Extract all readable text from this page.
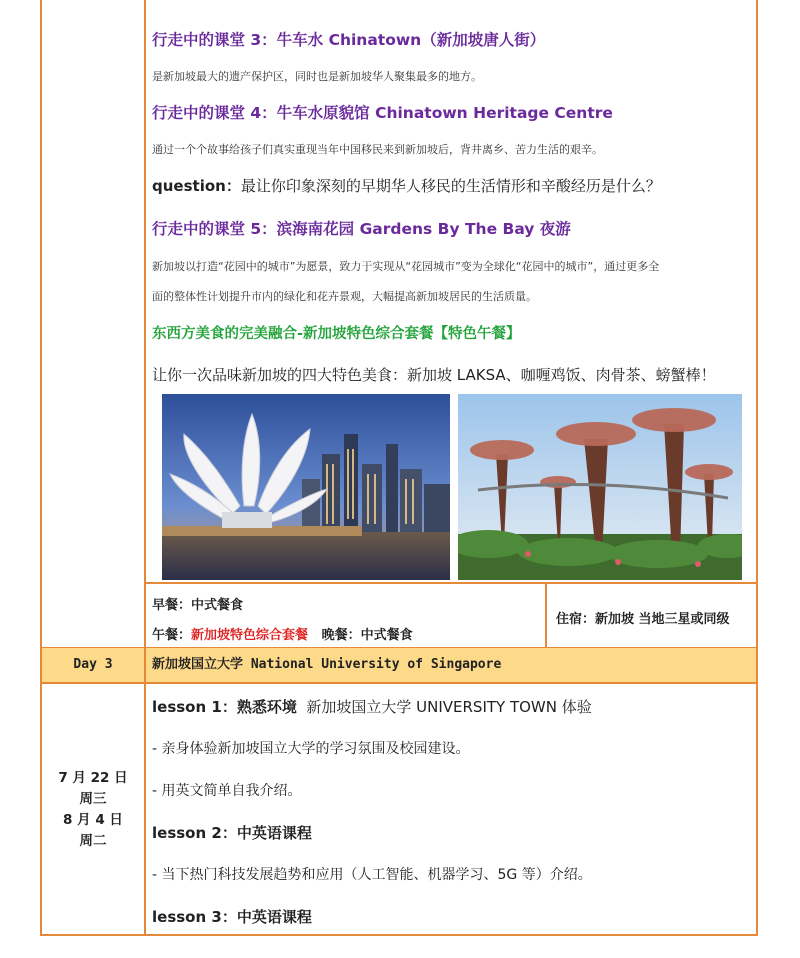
行走中的课堂 3：牛车水 Chinatown（新加坡唐人街）
是新加坡最大的遗产保护区，同时也是新加坡华人聚集最多的地方。
行走中的课堂 4：牛车水原貌馆 Chinatown Heritage Centre
通过一个个故事给孩子们真实重现当年中国移民来到新加坡后，背井离乡、苦力生活的艰辛。
question：最让你印象深刻的早期华人移民的生活情形和辛酸经历是什么？
行走中的课堂 5：滨海南花园 Gardens By The Bay 夜游
新加坡以打造“花园中的城市”为愿景，致力于实现从“花园城市”变为全球化“花园中的城市”，通过更多全
面的整体性计划提升市内的绿化和花卉景观，大幅提高新加坡居民的生活质量。
东西方美食的完美融合-新加坡特色综合套餐【特色午餐】
让你一次品味新加坡的四大特色美食：新加坡 LAKSA、咖喱鸡饭、肉骨茶、螃蟹棒！
早餐：中式餐食
午餐：新加坡特色综合套餐 晚餐：中式餐食
住宿：新加坡 当地三星或同级
Day 3	新加坡国立大学 National University of Singapore
7 月 22 日
周三
8 月 4 日
周二
lesson 1：熟悉环境 新加坡国立大学 UNIVERSITY TOWN 体验
- 亲身体验新加坡国立大学的学习氛围及校园建设。
- 用英文简单自我介绍。
lesson 2：中英语课程
- 当下热门科技发展趋势和应用（人工智能、机器学习、5G 等）介绍。
lesson 3：中英语课程
